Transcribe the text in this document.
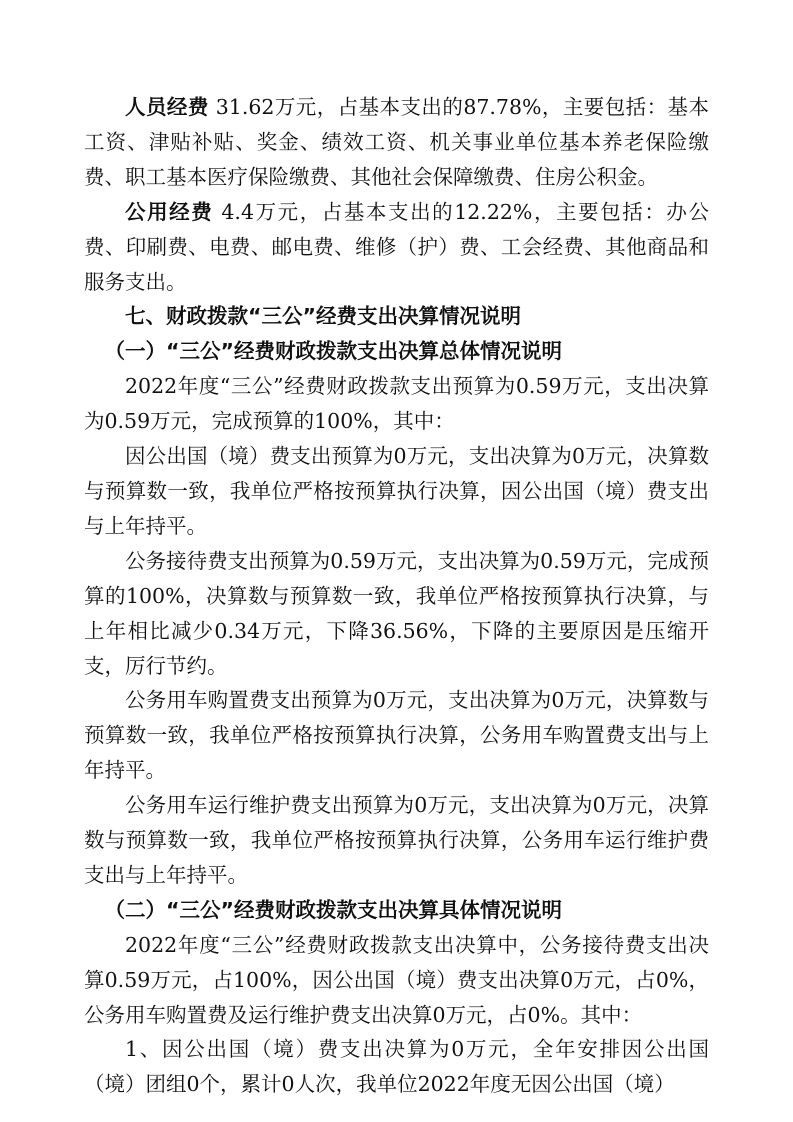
人员经费 31.62万元，占基本支出的87.78%，主要包括：基本工资、津贴补贴、奖金、绩效工资、机关事业单位基本养老保险缴费、职工基本医疗保险缴费、其他社会保障缴费、住房公积金。

公用经费 4.4万元，占基本支出的12.22%，主要包括：办公费、印刷费、电费、邮电费、维修（护）费、工会经费、其他商品和服务支出。

七、财政拨款“三公”经费支出决算情况说明

（一）“三公”经费财政拨款支出决算总体情况说明

2022年度“三公”经费财政拨款支出预算为0.59万元，支出决算为0.59万元，完成预算的100%，其中：

因公出国（境）费支出预算为0万元，支出决算为0万元，决算数与预算数一致，我单位严格按预算执行决算，因公出国（境）费支出与上年持平。

公务接待费支出预算为0.59万元，支出决算为0.59万元，完成预算的100%，决算数与预算数一致，我单位严格按预算执行决算，与上年相比减少0.34万元，下降36.56%，下降的主要原因是压缩开支，厉行节约。

公务用车购置费支出预算为0万元，支出决算为0万元，决算数与预算数一致，我单位严格按预算执行决算，公务用车购置费支出与上年持平。

公务用车运行维护费支出预算为0万元，支出决算为0万元，决算数与预算数一致，我单位严格按预算执行决算，公务用车运行维护费支出与上年持平。

（二）“三公”经费财政拨款支出决算具体情况说明

2022年度“三公”经费财政拨款支出决算中，公务接待费支出决算0.59万元，占100%，因公出国（境）费支出决算0万元，占0%，公务用车购置费及运行维护费支出决算0万元，占0%。其中：

1、因公出国（境）费支出决算为0万元，全年安排因公出国（境）团组0个，累计0人次，我单位2022年度无因公出国（境）
